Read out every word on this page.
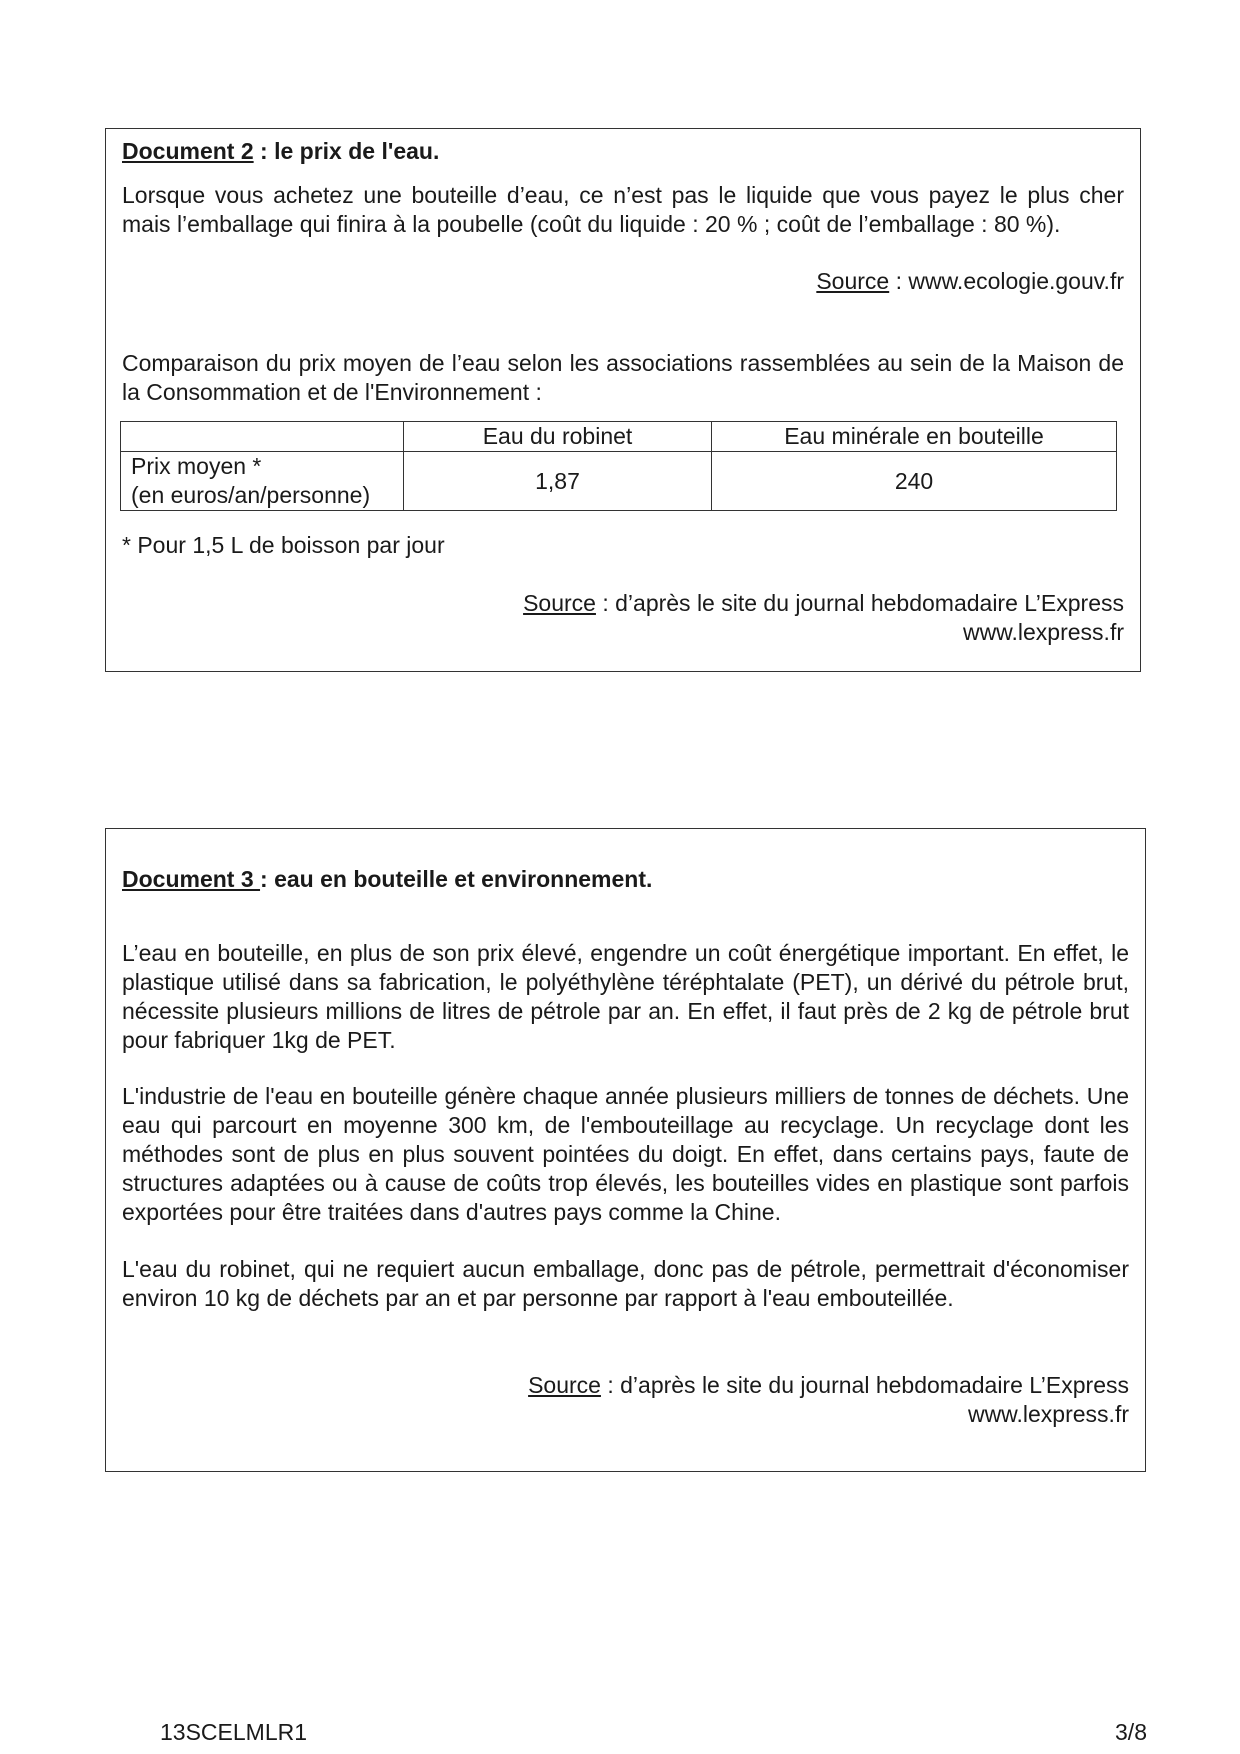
Document 2 : le prix de l'eau.

Lorsque vous achetez une bouteille d’eau, ce n’est pas le liquide que vous payez le plus cher mais l’emballage qui finira à la poubelle (coût du liquide : 20 % ; coût de l’emballage : 80 %).

Source : www.ecologie.gouv.fr

Comparaison du prix moyen de l’eau selon les associations rassemblées au sein de la Maison de la Consommation et de l'Environnement :

	Eau du robinet	Eau minérale en bouteille
Prix moyen *
(en euros/an/personne)	1,87	240

* Pour 1,5 L de boisson par jour

Source : d’après le site du journal hebdomadaire L’Express
www.lexpress.fr

Document 3 : eau en bouteille et environnement.

L’eau en bouteille, en plus de son prix élevé, engendre un coût énergétique important. En effet, le plastique utilisé dans sa fabrication, le polyéthylène téréphtalate (PET), un dérivé du pétrole brut, nécessite plusieurs millions de litres de pétrole par an. En effet, il faut près de 2 kg de pétrole brut pour fabriquer 1kg de PET.

L'industrie de l'eau en bouteille génère chaque année plusieurs milliers de tonnes de déchets. Une eau qui parcourt en moyenne 300 km, de l'embouteillage au recyclage. Un recyclage dont les méthodes sont de plus en plus souvent pointées du doigt. En effet, dans certains pays, faute de structures adaptées ou à cause de coûts trop élevés, les bouteilles vides en plastique sont parfois exportées pour être traitées dans d'autres pays comme la Chine.

L'eau du robinet, qui ne requiert aucun emballage, donc pas de pétrole, permettrait d'économiser environ 10 kg de déchets par an et par personne par rapport à l'eau embouteillée.

Source : d’après le site du journal hebdomadaire L’Express
www.lexpress.fr

13SCELMLR1	3/8
